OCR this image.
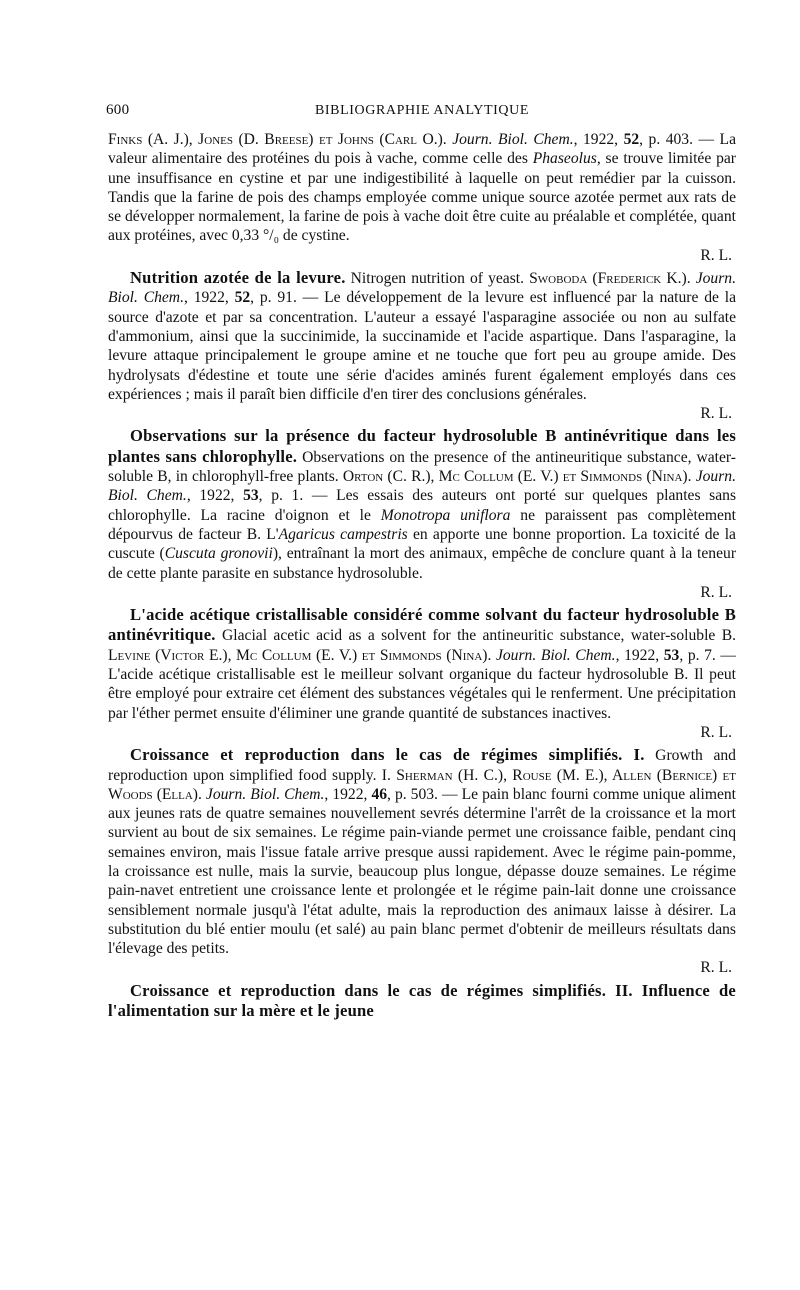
600	BIBLIOGRAPHIE ANALYTIQUE

Finks (A. J.), Jones (D. Breese) et Johns (Carl O.). Journ. Biol. Chem., 1922, 52, p. 403. — La valeur alimentaire des protéines du pois à vache, comme celle des Phaseolus, se trouve limitée par une insuffisance en cystine et par une indigestibilité à laquelle on peut remédier par la cuisson. Tandis que la farine de pois des champs employée comme unique source azotée permet aux rats de se développer normalement, la farine de pois à vache doit être cuite au préalable et complétée, quant aux protéines, avec 0,33 °/₀ de cystine.
R. L.

Nutrition azotée de la levure. Nitrogen nutrition of yeast. Swoboda (Frederick K.). Journ. Biol. Chem., 1922, 52, p. 91. — Le développement de la levure est influencé par la nature de la source d'azote et par sa concentration. L'auteur a essayé l'asparagine associée ou non au sulfate d'ammonium, ainsi que la succinimide, la succinamide et l'acide aspartique. Dans l'asparagine, la levure attaque principalement le groupe amine et ne touche que fort peu au groupe amide. Des hydrolysats d'édestine et toute une série d'acides aminés furent également employés dans ces expériences ; mais il paraît bien difficile d'en tirer des conclusions générales.
R. L.

Observations sur la présence du facteur hydrosoluble B antinévritique dans les plantes sans chlorophylle. Observations on the presence of the antineuritique substance, water-soluble B, in chlorophyll-free plants. Orton (C. R.), Mc Collum (E. V.) et Simmonds (Nina). Journ. Biol. Chem., 1922, 53, p. 1. — Les essais des auteurs ont porté sur quelques plantes sans chlorophylle. La racine d'oignon et le Monotropa uniflora ne paraissent pas complètement dépourvus de facteur B. L'Agaricus campestris en apporte une bonne proportion. La toxicité de la cuscute (Cuscuta gronovii), entraînant la mort des animaux, empêche de conclure quant à la teneur de cette plante parasite en substance hydrosoluble.
R. L.

L'acide acétique cristallisable considéré comme solvant du facteur hydrosoluble B antinévritique. Glacial acetic acid as a solvent for the antineuritic substance, water-soluble B. Levine (Victor E.), Mc Collum (E. V.) et Simmonds (Nina). Journ. Biol. Chem., 1922, 53, p. 7. — L'acide acétique cristallisable est le meilleur solvant organique du facteur hydrosoluble B. Il peut être employé pour extraire cet élément des substances végétales qui le renferment. Une précipitation par l'éther permet ensuite d'éliminer une grande quantité de substances inactives.
R. L.

Croissance et reproduction dans le cas de régimes simplifiés. I. Growth and reproduction upon simplified food supply. I. Sherman (H. C.), Rouse (M. E.), Allen (Bernice) et Woods (Ella). Journ. Biol. Chem., 1922, 46, p. 503. — Le pain blanc fourni comme unique aliment aux jeunes rats de quatre semaines nouvellement sevrés détermine l'arrêt de la croissance et la mort survient au bout de six semaines. Le régime pain-viande permet une croissance faible, pendant cinq semaines environ, mais l'issue fatale arrive presque aussi rapidement. Avec le régime pain-pomme, la croissance est nulle, mais la survie, beaucoup plus longue, dépasse douze semaines. Le régime pain-navet entretient une croissance lente et prolongée et le régime pain-lait donne une croissance sensiblement normale jusqu'à l'état adulte, mais la reproduction des animaux laisse à désirer. La substitution du blé entier moulu (et salé) au pain blanc permet d'obtenir de meilleurs résultats dans l'élevage des petits.
R. L.

Croissance et reproduction dans le cas de régimes simplifiés. II. Influence de l'alimentation sur la mère et le jeune
